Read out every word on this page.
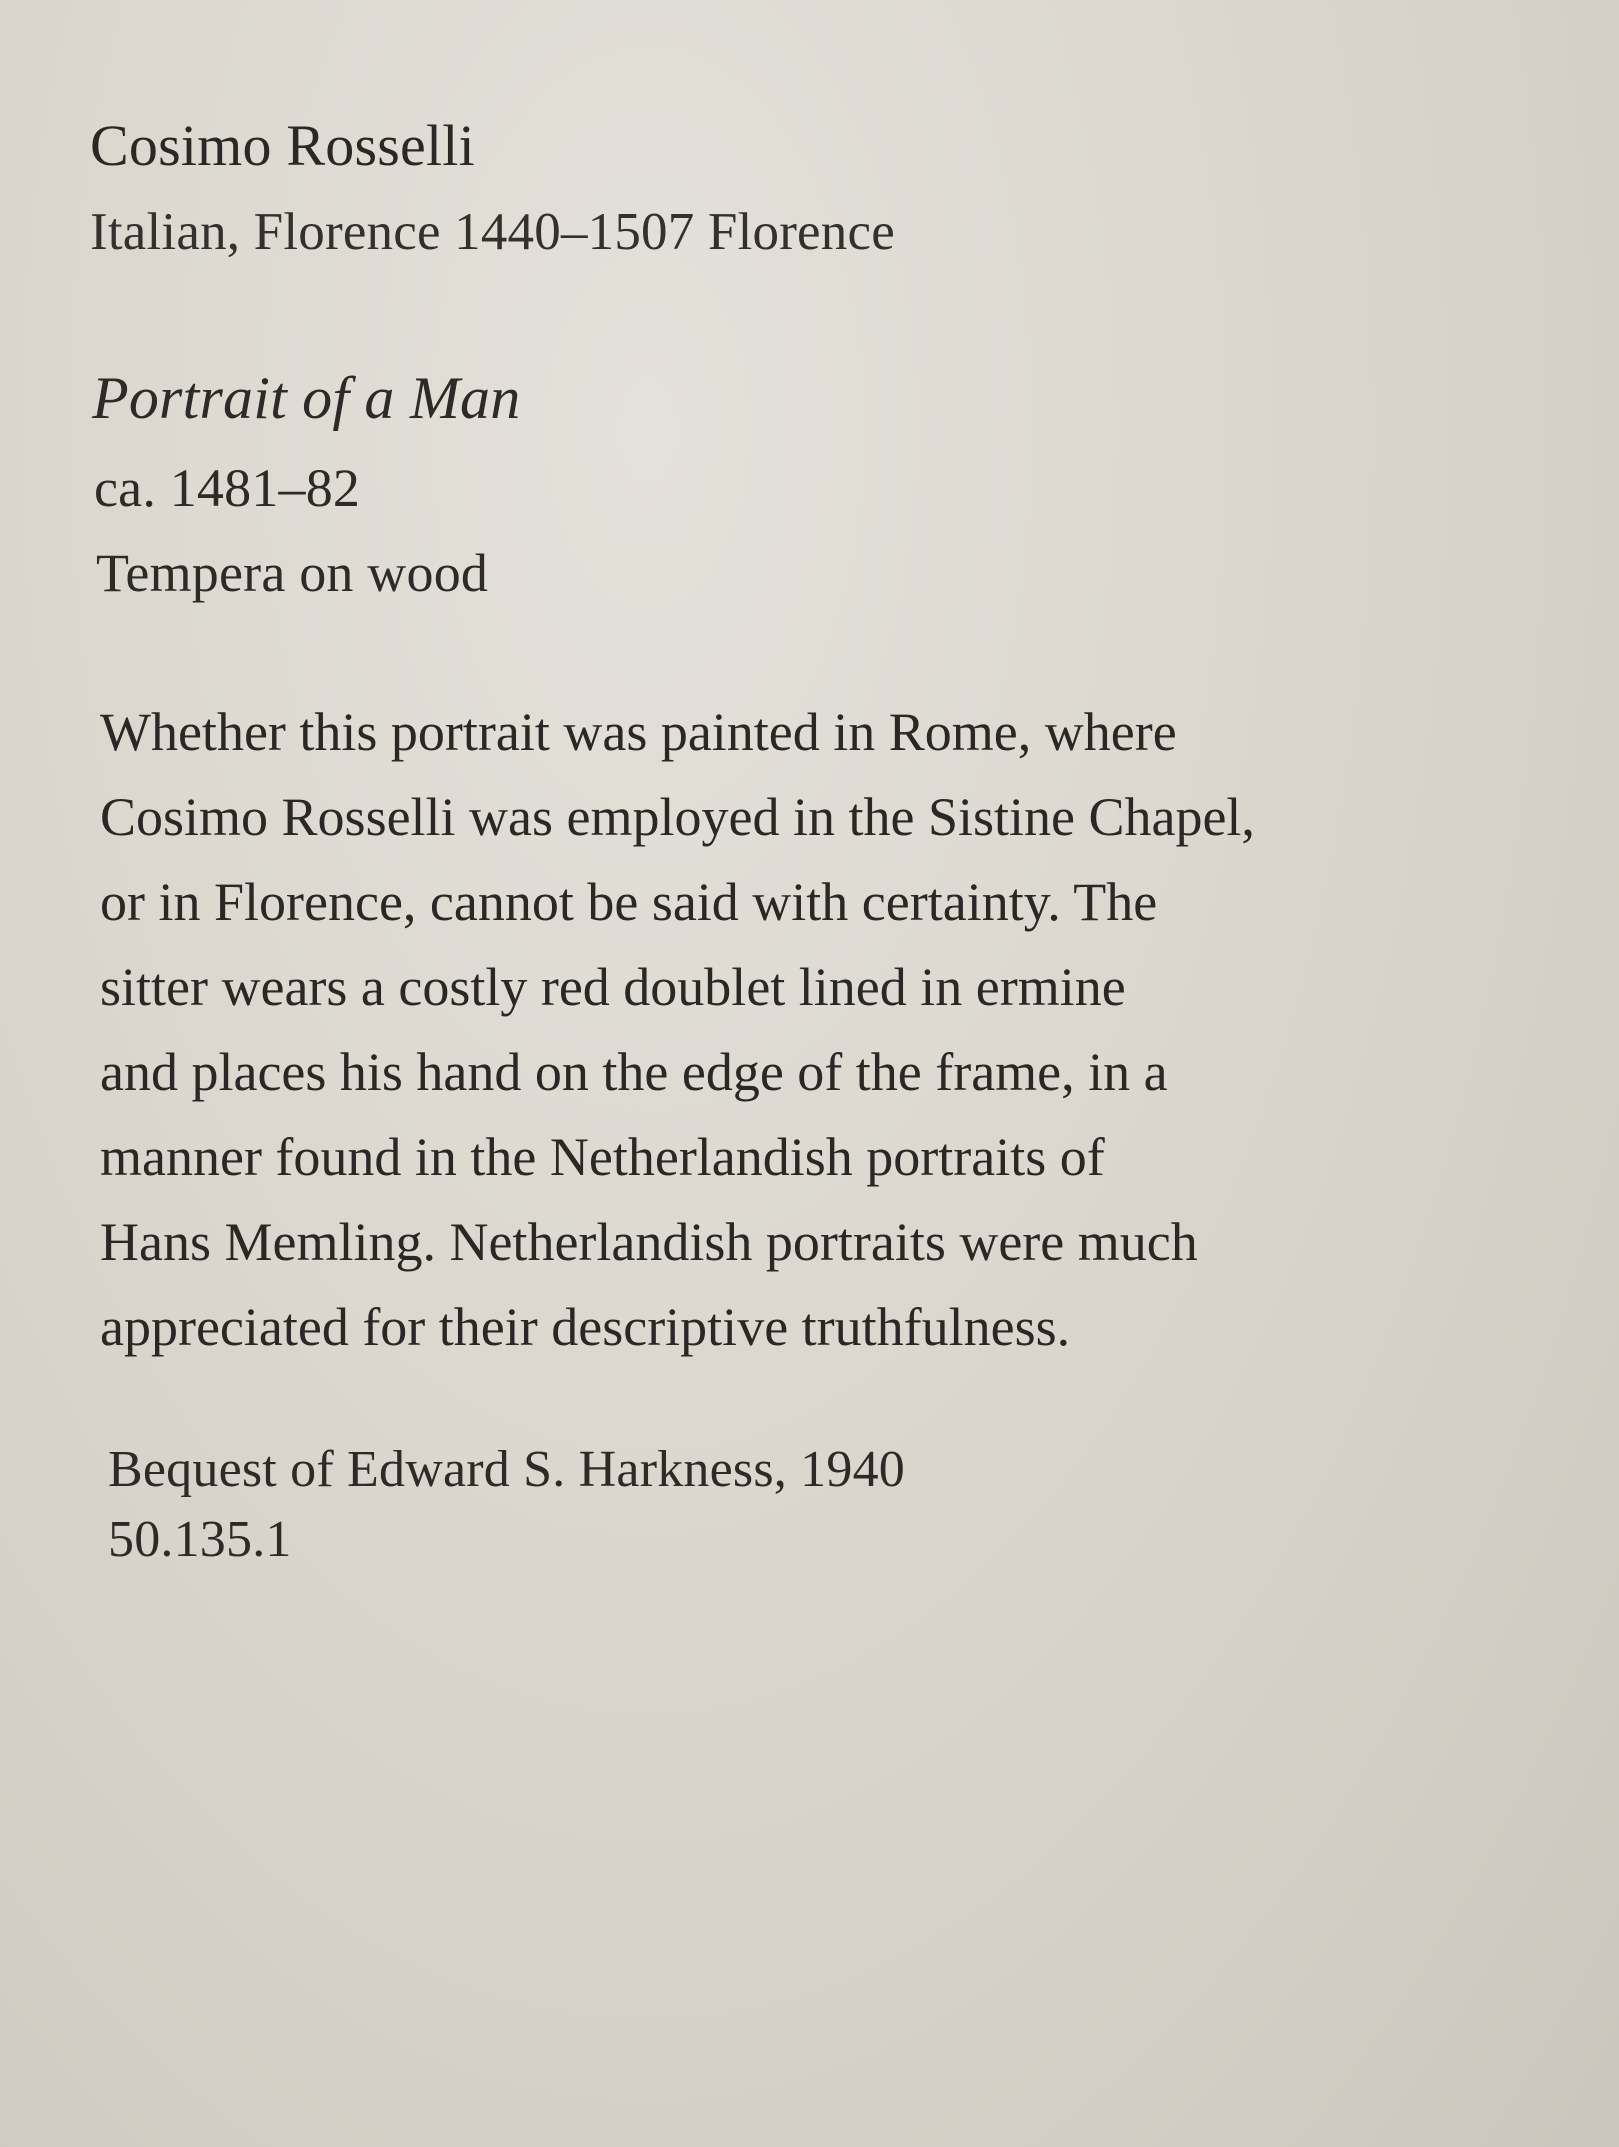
Cosimo Rosselli
Italian, Florence 1440–1507 Florence
Portrait of a Man
ca. 1481–82
Tempera on wood
Whether this portrait was painted in Rome, where
Cosimo Rosselli was employed in the Sistine Chapel,
or in Florence, cannot be said with certainty. The
sitter wears a costly red doublet lined in ermine
and places his hand on the edge of the frame, in a
manner found in the Netherlandish portraits of
Hans Memling. Netherlandish portraits were much
appreciated for their descriptive truthfulness.
Bequest of Edward S. Harkness, 1940
50.135.1
